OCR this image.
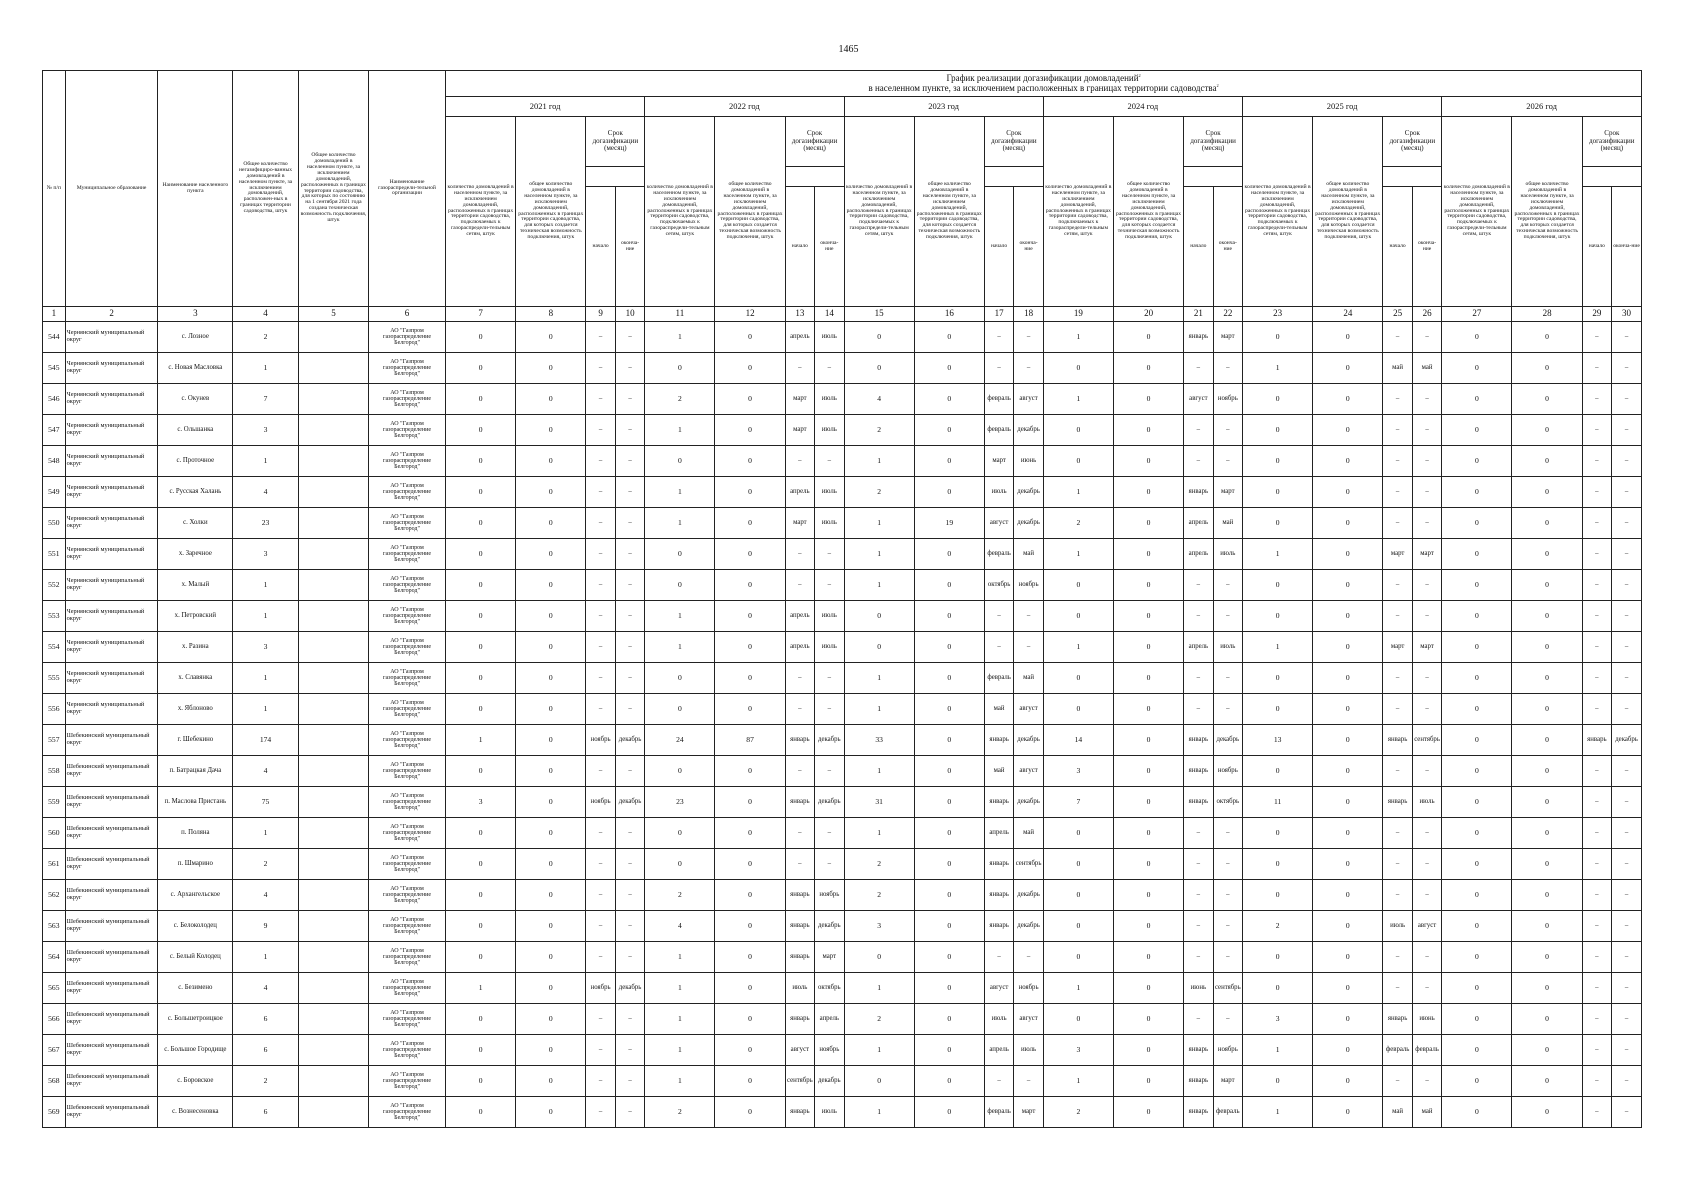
1465
№ п/п	Муниципальное образование	Наименование населенного пункта	Общее количество негазифициро-ванных домовладений в населенном пункте, за исключением домовладений, расположен-ных в границах территории садоводства, штук	Общее количество домовладений в населенном пункте, за исключением домовладений, расположенных в границах территории садоводства, для которых по состоянию на 1 сентября 2021 года создана техническая возможность подключения, штук	Наименование газораспредели-тельной организации	График реализации догазификации домовладений$^2$
в населенном пункте, за исключением расположенных в границах территории садоводства$^2$
						2021 год				2022 год				2023 год				2024 год				2025 год				2026 год			
						количество домовладений в населенном пункте, за исключением домовладений, расположенных в границах территории садоводства, подключаемых к газораспредели-тельным сетям, штук	общее количество домовладений в населенном пункте, за исключением домовладений, расположенных в границах территории садоводства, для которых создается техническая возможность подключения, штук	Срок догазификации (месяц)		количество домовладений в населенном пункте, за исключением домовладений, расположенных в границах территории садоводства, подключаемых к газораспредели-тельным сетям, штук	общее количество домовладений в населенном пункте, за исключением домовладений, расположенных в границах территории садоводства, для которых создается техническая возможность подключения, штук	Срок догазификации (месяц)		количество домовладений в населенном пункте, за исключением домовладений, расположенных в границах территории садоводства, подключаемых к газораспредели-тельным сетям, штук	общее количество домовладений в населенном пункте, за исключением домовладений, расположенных в границах территории садоводства, для которых создается техническая возможность подключения, штук	Срок догазификации (месяц)		количество домовладений в населенном пункте, за исключением домовладений, расположенных в границах территории садоводства, подключаемых к газораспредели-тельным сетям, штук	общее количество домовладений в населенном пункте, за исключением домовладений, расположенных в границах территории садоводства, для которых создается техническая возможность подключения, штук	Срок догазификации (месяц)		количество домовладений в населенном пункте, за исключением домовладений, расположенных в границах территории садоводства, подключаемых к газораспредели-тельным сетям, штук	общее количество домовладений в населенном пункте, за исключением домовладений, расположенных в границах территории садоводства, для которых создается техническая возможность подключения, штук	Срок догазификации (месяц)		количество домовладений в населенном пункте, за исключением домовладений, расположенных в границах территории садоводства, подключаемых к газораспредели-тельным сетям, штук	общее количество домовладений в населенном пункте, за исключением домовладений, расположенных в границах территории садоводства, для которых создается техническая возможность подключения, штук	Срок догазификации (месяц)	

								начало	оконча-ние			начало	оконча-ние			начало	оконча-ние			начало	оконча-ние			начало	оконча-ние			начало	оконча-ние
1	2	3	4	5	6	7	8	9	10	11	12	13	14	15	16	17	18	19	20	21	22	23	24	25	26	27	28	29	30
544	Чернянский муниципальный округ	с. Лозное	2		АО "Газпром газораспределение Белгород"	0	0	–	–	1	0	апрель	июль	0	0	–	–	1	0	январь	март	0	0	–	–	0	0	–	–
545	Чернянский муниципальный округ	с. Новая Масловка	1		АО "Газпром газораспределение Белгород"	0	0	–	–	0	0	–	–	0	0	–	–	0	0	–	–	1	0	май	май	0	0	–	–
546	Чернянский муниципальный округ	с. Окунев	7		АО "Газпром газораспределение Белгород"	0	0	–	–	2	0	март	июль	4	0	февраль	август	1	0	август	ноябрь	0	0	–	–	0	0	–	–
547	Чернянский муниципальный округ	с. Ольшанка	3		АО "Газпром газораспределение Белгород"	0	0	–	–	1	0	март	июль	2	0	февраль	декабрь	0	0	–	–	0	0	–	–	0	0	–	–
548	Чернянский муниципальный округ	с. Проточное	1		АО "Газпром газораспределение Белгород"	0	0	–	–	0	0	–	–	1	0	март	июнь	0	0	–	–	0	0	–	–	0	0	–	–
549	Чернянский муниципальный округ	с. Русская Халань	4		АО "Газпром газораспределение Белгород"	0	0	–	–	1	0	апрель	июль	2	0	июль	декабрь	1	0	январь	март	0	0	–	–	0	0	–	–
550	Чернянский муниципальный округ	с. Холки	23		АО "Газпром газораспределение Белгород"	0	0	–	–	1	0	март	июль	1	19	август	декабрь	2	0	апрель	май	0	0	–	–	0	0	–	–
551	Чернянский муниципальный округ	х. Заречное	3		АО "Газпром газораспределение Белгород"	0	0	–	–	0	0	–	–	1	0	февраль	май	1	0	апрель	июль	1	0	март	март	0	0	–	–
552	Чернянский муниципальный округ	х. Малый	1		АО "Газпром газораспределение Белгород"	0	0	–	–	0	0	–	–	1	0	октябрь	ноябрь	0	0	–	–	0	0	–	–	0	0	–	–
553	Чернянский муниципальный округ	х. Петровский	1		АО "Газпром газораспределение Белгород"	0	0	–	–	1	0	апрель	июль	0	0	–	–	0	0	–	–	0	0	–	–	0	0	–	–
554	Чернянский муниципальный округ	х. Разина	3		АО "Газпром газораспределение Белгород"	0	0	–	–	1	0	апрель	июль	0	0	–	–	1	0	апрель	июль	1	0	март	март	0	0	–	–
555	Чернянский муниципальный округ	х. Славянка	1		АО "Газпром газораспределение Белгород"	0	0	–	–	0	0	–	–	1	0	февраль	май	0	0	–	–	0	0	–	–	0	0	–	–
556	Чернянский муниципальный округ	х. Яблоново	1		АО "Газпром газораспределение Белгород"	0	0	–	–	0	0	–	–	1	0	май	август	0	0	–	–	0	0	–	–	0	0	–	–
557	Шебекинский муниципальный округ	г. Шебекино	174		АО "Газпром газораспределение Белгород"	1	0	ноябрь	декабрь	24	87	январь	декабрь	33	0	январь	декабрь	14	0	январь	декабрь	13	0	январь	сентябрь	0	0	январь	декабрь
558	Шебекинский муниципальный округ	п. Батрацкая Дача	4		АО "Газпром газораспределение Белгород"	0	0	–	–	0	0	–	–	1	0	май	август	3	0	январь	ноябрь	0	0	–	–	0	0	–	–
559	Шебекинский муниципальный округ	п. Маслова Пристань	75		АО "Газпром газораспределение Белгород"	3	0	ноябрь	декабрь	23	0	январь	декабрь	31	0	январь	декабрь	7	0	январь	октябрь	11	0	январь	июль	0	0	–	–
560	Шебекинский муниципальный округ	п. Поляна	1		АО "Газпром газораспределение Белгород"	0	0	–	–	0	0	–	–	1	0	апрель	май	0	0	–	–	0	0	–	–	0	0	–	–
561	Шебекинский муниципальный округ	п. Шмарино	2		АО "Газпром газораспределение Белгород"	0	0	–	–	0	0	–	–	2	0	январь	сентябрь	0	0	–	–	0	0	–	–	0	0	–	–
562	Шебекинский муниципальный округ	с. Архангельское	4		АО "Газпром газораспределение Белгород"	0	0	–	–	2	0	январь	ноябрь	2	0	январь	декабрь	0	0	–	–	0	0	–	–	0	0	–	–
563	Шебекинский муниципальный округ	с. Белоколодец	9		АО "Газпром газораспределение Белгород"	0	0	–	–	4	0	январь	декабрь	3	0	январь	декабрь	0	0	–	–	2	0	июль	август	0	0	–	–
564	Шебекинский муниципальный округ	с. Белый Колодец	1		АО "Газпром газораспределение Белгород"	0	0	–	–	1	0	январь	март	0	0	–	–	0	0	–	–	0	0	–	–	0	0	–	–
565	Шебекинский муниципальный округ	с. Безимено	4		АО "Газпром газораспределение Белгород"	1	0	ноябрь	декабрь	1	0	июль	октябрь	1	0	август	ноябрь	1	0	июнь	сентябрь	0	0	–	–	0	0	–	–
566	Шебекинский муниципальный округ	с. Большетроицкое	6		АО "Газпром газораспределение Белгород"	0	0	–	–	1	0	январь	апрель	2	0	июль	август	0	0	–	–	3	0	январь	июнь	0	0	–	–
567	Шебекинский муниципальный округ	с. Большое Городище	6		АО "Газпром газораспределение Белгород"	0	0	–	–	1	0	август	ноябрь	1	0	апрель	июль	3	0	январь	ноябрь	1	0	февраль	февраль	0	0	–	–
568	Шебекинский муниципальный округ	с. Боровское	2		АО "Газпром газораспределение Белгород"	0	0	–	–	1	0	сентябрь	декабрь	0	0	–	–	1	0	январь	март	0	0	–	–	0	0	–	–
569	Шебекинский муниципальный округ	с. Вознесеновка	6		АО "Газпром газораспределение Белгород"	0	0	–	–	2	0	январь	июль	1	0	февраль	март	2	0	январь	февраль	1	0	май	май	0	0	–	–
